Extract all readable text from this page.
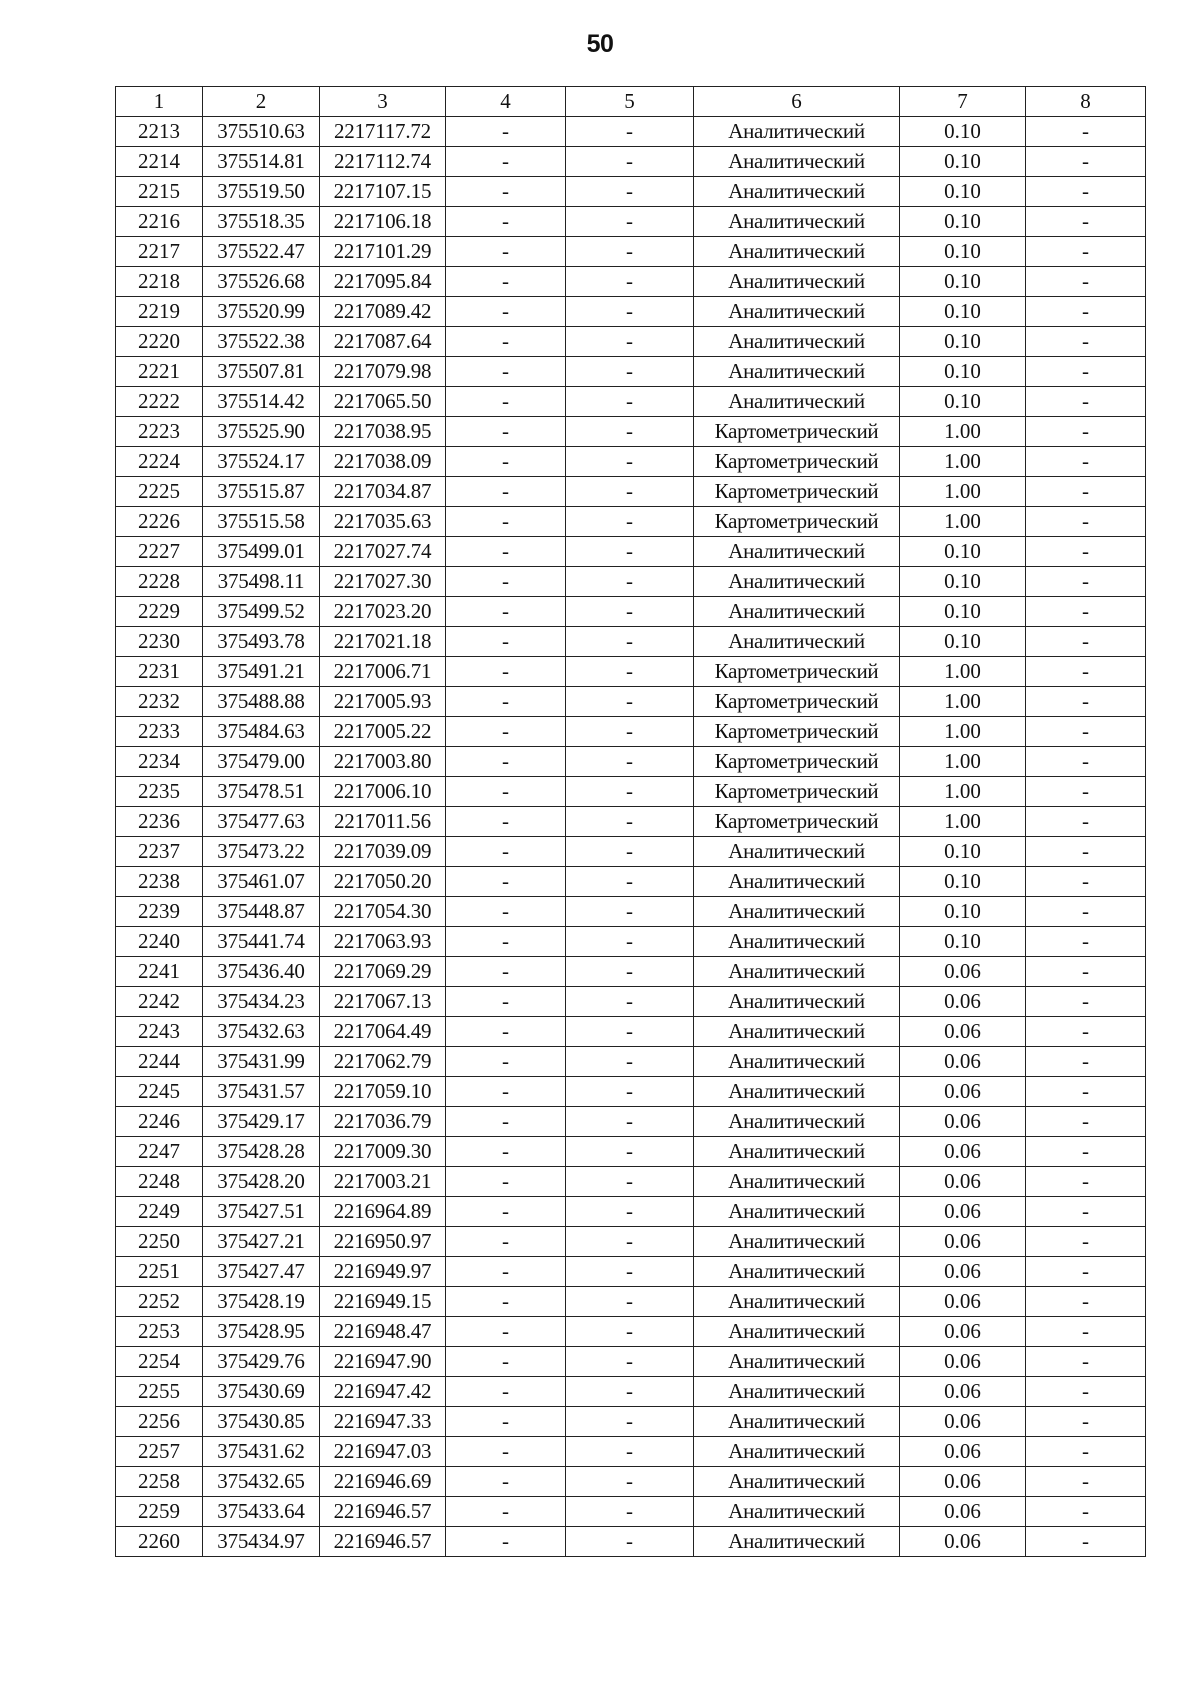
50
1	2	3	4	5	6	7	8
2213	375510.63	2217117.72	-	-	Аналитический	0.10	-
2214	375514.81	2217112.74	-	-	Аналитический	0.10	-
2215	375519.50	2217107.15	-	-	Аналитический	0.10	-
2216	375518.35	2217106.18	-	-	Аналитический	0.10	-
2217	375522.47	2217101.29	-	-	Аналитический	0.10	-
2218	375526.68	2217095.84	-	-	Аналитический	0.10	-
2219	375520.99	2217089.42	-	-	Аналитический	0.10	-
2220	375522.38	2217087.64	-	-	Аналитический	0.10	-
2221	375507.81	2217079.98	-	-	Аналитический	0.10	-
2222	375514.42	2217065.50	-	-	Аналитический	0.10	-
2223	375525.90	2217038.95	-	-	Картометрический	1.00	-
2224	375524.17	2217038.09	-	-	Картометрический	1.00	-
2225	375515.87	2217034.87	-	-	Картометрический	1.00	-
2226	375515.58	2217035.63	-	-	Картометрический	1.00	-
2227	375499.01	2217027.74	-	-	Аналитический	0.10	-
2228	375498.11	2217027.30	-	-	Аналитический	0.10	-
2229	375499.52	2217023.20	-	-	Аналитический	0.10	-
2230	375493.78	2217021.18	-	-	Аналитический	0.10	-
2231	375491.21	2217006.71	-	-	Картометрический	1.00	-
2232	375488.88	2217005.93	-	-	Картометрический	1.00	-
2233	375484.63	2217005.22	-	-	Картометрический	1.00	-
2234	375479.00	2217003.80	-	-	Картометрический	1.00	-
2235	375478.51	2217006.10	-	-	Картометрический	1.00	-
2236	375477.63	2217011.56	-	-	Картометрический	1.00	-
2237	375473.22	2217039.09	-	-	Аналитический	0.10	-
2238	375461.07	2217050.20	-	-	Аналитический	0.10	-
2239	375448.87	2217054.30	-	-	Аналитический	0.10	-
2240	375441.74	2217063.93	-	-	Аналитический	0.10	-
2241	375436.40	2217069.29	-	-	Аналитический	0.06	-
2242	375434.23	2217067.13	-	-	Аналитический	0.06	-
2243	375432.63	2217064.49	-	-	Аналитический	0.06	-
2244	375431.99	2217062.79	-	-	Аналитический	0.06	-
2245	375431.57	2217059.10	-	-	Аналитический	0.06	-
2246	375429.17	2217036.79	-	-	Аналитический	0.06	-
2247	375428.28	2217009.30	-	-	Аналитический	0.06	-
2248	375428.20	2217003.21	-	-	Аналитический	0.06	-
2249	375427.51	2216964.89	-	-	Аналитический	0.06	-
2250	375427.21	2216950.97	-	-	Аналитический	0.06	-
2251	375427.47	2216949.97	-	-	Аналитический	0.06	-
2252	375428.19	2216949.15	-	-	Аналитический	0.06	-
2253	375428.95	2216948.47	-	-	Аналитический	0.06	-
2254	375429.76	2216947.90	-	-	Аналитический	0.06	-
2255	375430.69	2216947.42	-	-	Аналитический	0.06	-
2256	375430.85	2216947.33	-	-	Аналитический	0.06	-
2257	375431.62	2216947.03	-	-	Аналитический	0.06	-
2258	375432.65	2216946.69	-	-	Аналитический	0.06	-
2259	375433.64	2216946.57	-	-	Аналитический	0.06	-
2260	375434.97	2216946.57	-	-	Аналитический	0.06	-
